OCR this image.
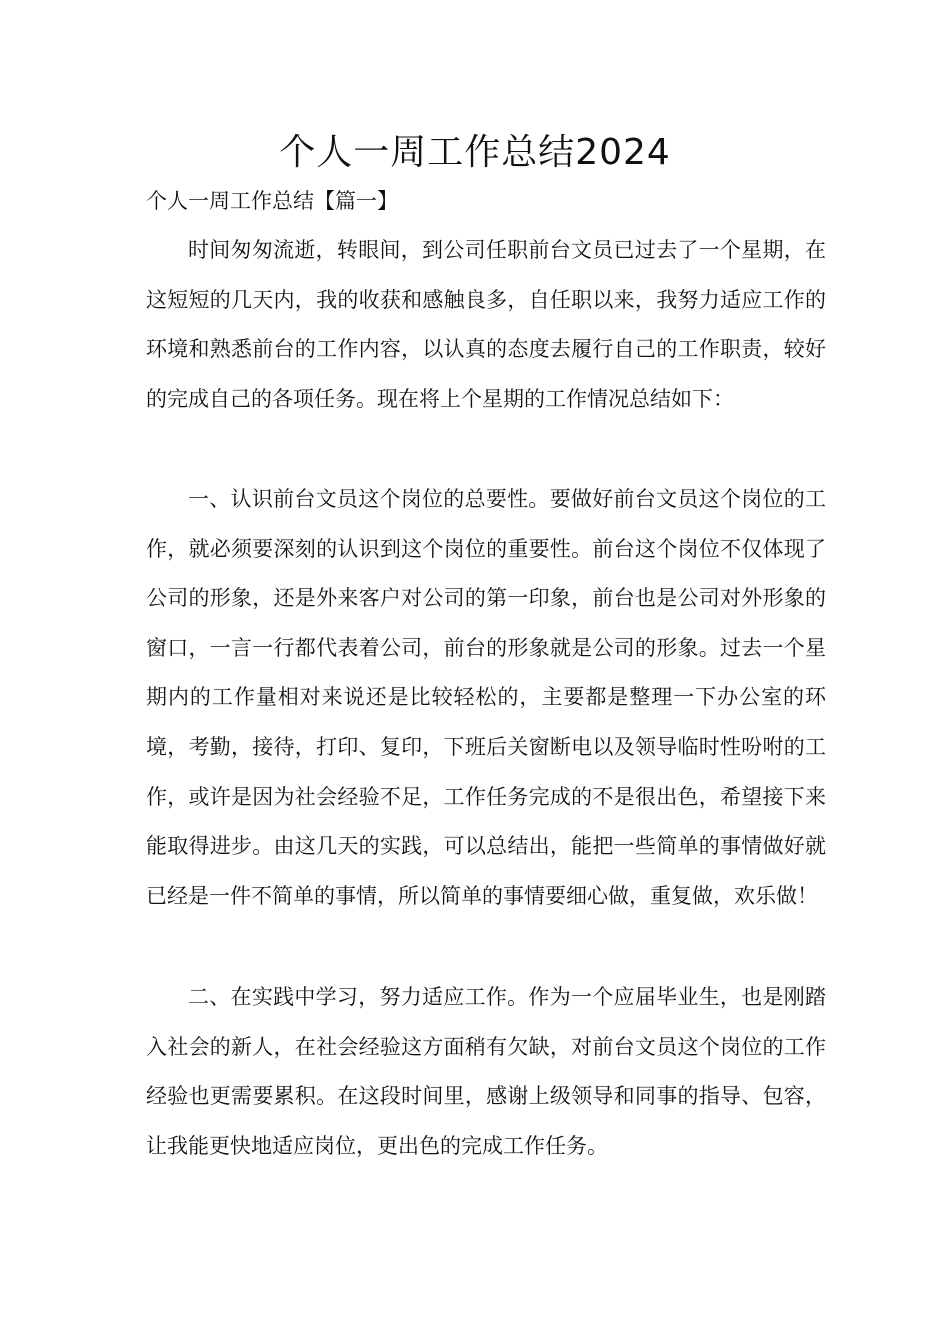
个人一周工作总结2024
个人一周工作总结【篇一】

时间匆匆流逝，转眼间，到公司任职前台文员已过去了一个星期，在这短短的几天内，我的收获和感触良多，自任职以来，我努力适应工作的环境和熟悉前台的工作内容，以认真的态度去履行自己的工作职责，较好的完成自己的各项任务。现在将上个星期的工作情况总结如下：

一、认识前台文员这个岗位的总要性。要做好前台文员这个岗位的工作，就必须要深刻的认识到这个岗位的重要性。前台这个岗位不仅体现了公司的形象，还是外来客户对公司的第一印象，前台也是公司对外形象的窗口，一言一行都代表着公司，前台的形象就是公司的形象。过去一个星期内的工作量相对来说还是比较轻松的，主要都是整理一下办公室的环境，考勤，接待，打印、复印，下班后关窗断电以及领导临时性吩咐的工作，或许是因为社会经验不足，工作任务完成的不是很出色，希望接下来能取得进步。由这几天的实践，可以总结出，能把一些简单的事情做好就已经是一件不简单的事情，所以简单的事情要细心做，重复做，欢乐做！

二、在实践中学习，努力适应工作。作为一个应届毕业生，也是刚踏入社会的新人，在社会经验这方面稍有欠缺，对前台文员这个岗位的工作经验也更需要累积。在这段时间里，感谢上级领导和同事的指导、包容，让我能更快地适应岗位，更出色的完成工作任务。
